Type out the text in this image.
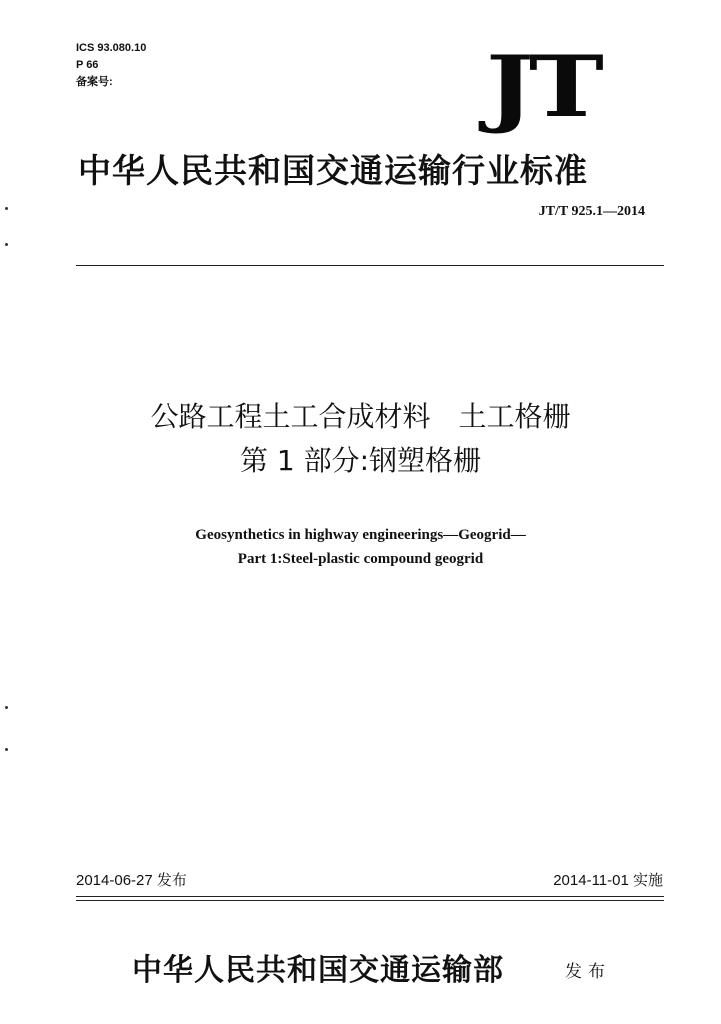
ICS 93.080.10
P 66
备案号:	JT
中华人民共和国交通运输行业标准
JT/T 925.1—2014
公路工程土工合成材料　土工格栅
第 1 部分:钢塑格栅
Geosynthetics in highway engineerings—Geogrid—
Part 1:Steel-plastic compound geogrid
2014-06-27 发布	2014-11-01 实施
中华人民共和国交通运输部	发布
